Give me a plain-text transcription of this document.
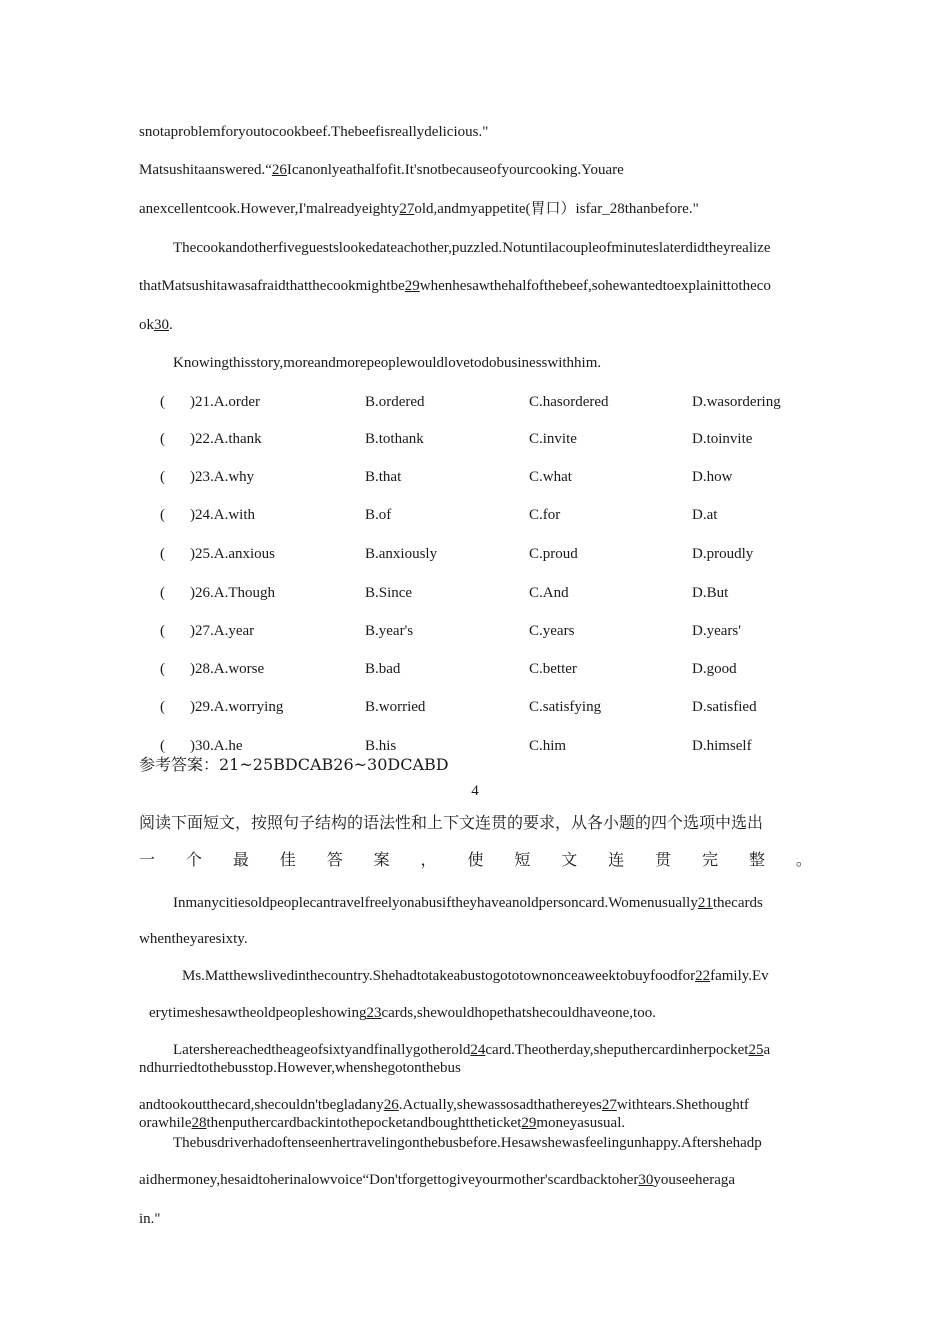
snotaproblemforyoutocookbeef.Thebeefisreallydelicious."
Matsushitaanswered.“26Icanonlyeathalfofit.It'snotbecauseofyourcooking.Youare
anexcellentcook.However,I'malreadyeighty27old,andmyappetite(胃口）isfar_28thanbefore."
Thecookandotherfiveguestslookedateachother,puzzled.Notuntilacoupleofminuteslaterdidtheyrealize
thatMatsushitawasafraidthatthecookmightbe29whenhesawthehalfofthebeef,sohewantedtoexplainittotheco
ok30.
Knowingthisstory,moreandmorepeoplewouldlovetodobusinesswithhim.
( )21.A.order	B.ordered	C.hasordered	D.wasordering
( )22.A.thank	B.tothank	C.invite	D.toinvite
( )23.A.why	B.that	C.what	D.how
( )24.A.with	B.of	C.for	D.at
( )25.A.anxious	B.anxiously	C.proud	D.proudly
( )26.A.Though	B.Since	C.And	D.But
( )27.A.year	B.year's	C.years	D.years'
( )28.A.worse	B.bad	C.better	D.good
( )29.A.worrying	B.worried	C.satisfying	D.satisfied
( )30.A.he	B.his	C.him	D.himself
参考答案：21~25BDCAB26~30DCABD
4
阅读下面短文，按照句子结构的语法性和上下文连贯的要求，从各小题的四个选项中选出
一 个 最 佳 答 案 ， 使 短 文 连 贯 完 整 。
Inmanycitiesoldpeoplecantravelfreelyonabusiftheyhaveanoldpersoncard.Womenusually21thecards
whentheyaresixty.
Ms.Matthewslivedinthecountry.Shehadtotakeabustogototownonceaweektobuyfoodfor22family.Ev
erytimeshesawtheoldpeopleshowing23cards,shewouldhopethatshecouldhaveone,too.
Latershereachedtheageofsixtyandfinallygotherold24card.Theotherday,sheputhercardinherpocket25a
ndhurriedtothebusstop.However,whenshegotonthebus
andtookoutthecard,shecouldn'tbegladany26.Actually,shewassosadthathereyes27withtears.Shethoughtf
orawhile28thenputhercardbackintothepocketandboughttheticket29moneyasusual.
Thebusdriverhadoftenseenhertravelingonthebusbefore.Hesawshewasfeelingunhappy.Aftershehadp
aidhermoney,hesaidtoherinalowvoice“Don'tforgettogiveyourmother'scardbacktoher30youseeheraga
in."
